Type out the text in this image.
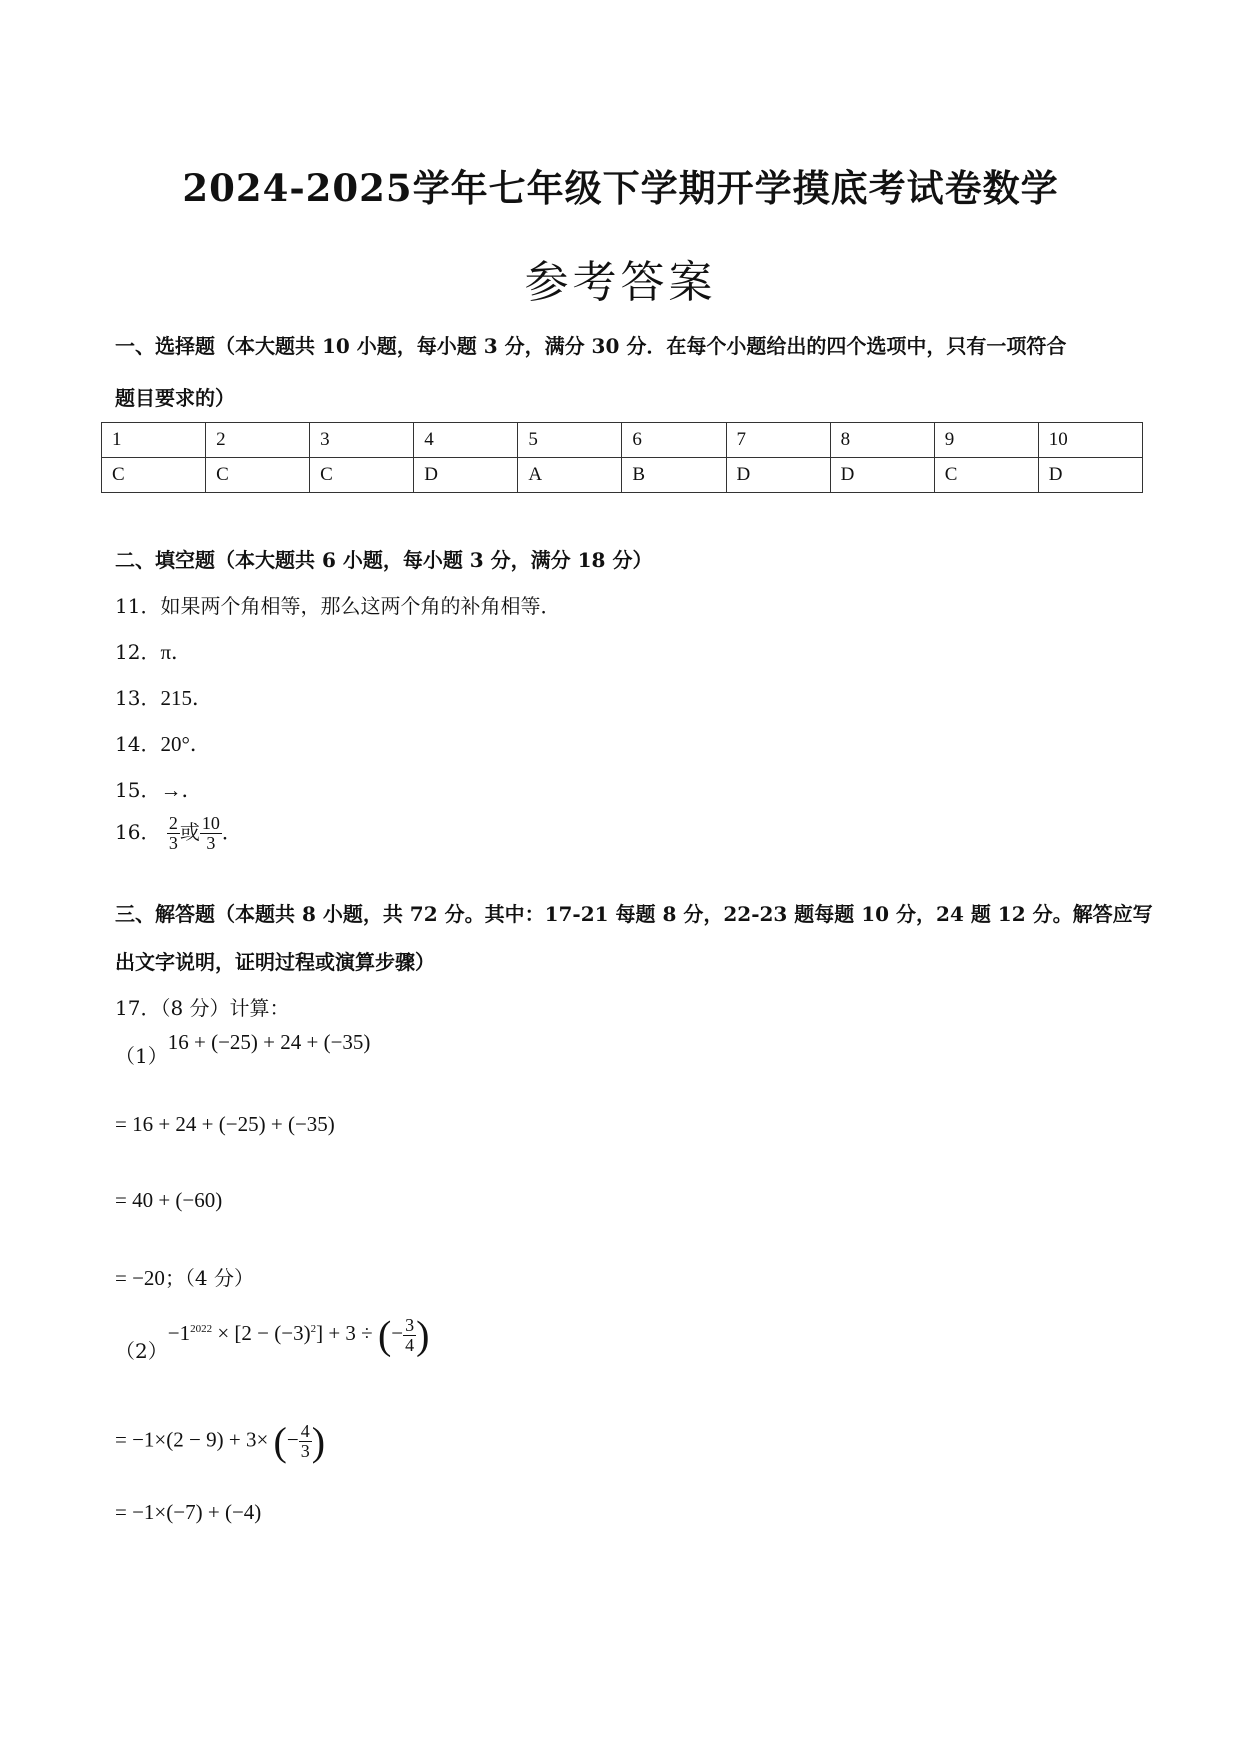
2024-2025学年七年级下学期开学摸底考试卷数学
参考答案
一、选择题（本大题共 10 小题，每小题 3 分，满分 30 分．在每个小题给出的四个选项中，只有一项符合
题目要求的）
1	2	3	4	5	6	7	8	9	10
C	C	C	D	A	B	D	D	C	D
二、填空题（本大题共 6 小题，每小题 3 分，满分 18 分）
11．如果两个角相等，那么这两个角的补角相等．
12．π．
13．215．
14．20°．
15．→．
16． $\frac{2}{3}$ 或 $\frac{10}{3}$ ．
三、解答题（本题共 8 小题，共 72 分。其中：17-21 每题 8 分，22-23 题每题 10 分，24 题 12 分。解答应写
出文字说明，证明过程或演算步骤）
17．（8 分）计算：
（1）16 + (−25) + 24 + (−35)
= 16 + 24 + (−25) + (−35)
= 40 + (−60)
= −20；（4 分）
$(2)-1^{2022} \times [2 - (-3)^2] + 3$ ÷ (− $\frac{3}{4}$ )
= −1×(2 − 9) + 3× (− $\frac{4}{3}$ )
= −1×(−7) + (−4)
